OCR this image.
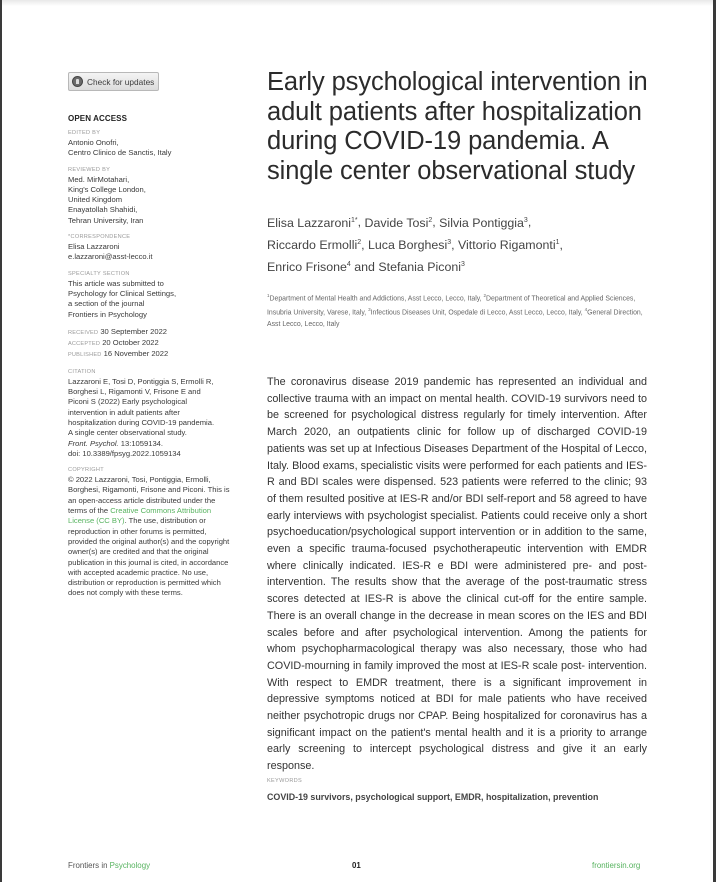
Check for updates
OPEN ACCESS
EDITED BY
Antonio Onofri,
Centro Clinico de Sanctis, Italy
REVIEWED BY
Med. MirMotahari,
King's College London,
United Kingdom
Enayatollah Shahidi,
Tehran University, Iran
*CORRESPONDENCE
Elisa Lazzaroni
e.lazzaroni@asst-lecco.it
SPECIALTY SECTION
This article was submitted to
Psychology for Clinical Settings,
a section of the journal
Frontiers in Psychology
RECEIVED 30 September 2022
ACCEPTED 20 October 2022
PUBLISHED 16 November 2022
CITATION
Lazzaroni E, Tosi D, Pontiggia S, Ermolli R,
Borghesi L, Rigamonti V, Frisone E and
Piconi S (2022) Early psychological
intervention in adult patients after
hospitalization during COVID-19 pandemia.
A single center observational study.
Front. Psychol. 13:1059134.
doi: 10.3389/fpsyg.2022.1059134
COPYRIGHT
© 2022 Lazzaroni, Tosi, Pontiggia, Ermolli, Borghesi, Rigamonti, Frisone and Piconi. This is an open-access article distributed under the terms of the Creative Commons Attribution License (CC BY). The use, distribution or reproduction in other forums is permitted, provided the original author(s) and the copyright owner(s) are credited and that the original publication in this journal is cited, in accordance with accepted academic practice. No use, distribution or reproduction is permitted which does not comply with these terms.
Early psychological intervention in adult patients after hospitalization during COVID-19 pandemia. A single center observational study
Elisa Lazzaroni$^{1*}$, Davide Tosi$^2$, Silvia Pontiggia$^3$,
Riccardo Ermolli$^2$, Luca Borghesi$^3$, Vittorio Rigamonti$^1$,
Enrico Frisone$^4$ and Stefania Piconi$^3$
$^1$Department of Mental Health and Addictions, Asst Lecco, Lecco, Italy, $^2$Department of Theoretical and Applied Sciences, Insubria University, Varese, Italy, $^3$Infectious Diseases Unit, Ospedale di Lecco, Asst Lecco, Lecco, Italy, $^4$General Direction, Asst Lecco, Lecco, Italy

The coronavirus disease 2019 pandemic has represented an individual and collective trauma with an impact on mental health. COVID-19 survivors need to be screened for psychological distress regularly for timely intervention. After March 2020, an outpatients clinic for follow up of discharged COVID-19 patients was set up at Infectious Diseases Department of the Hospital of Lecco, Italy. Blood exams, specialistic visits were performed for each patients and IES-R and BDI scales were dispensed. 523 patients were referred to the clinic; 93 of them resulted positive at IES-R and/or BDI self-report and 58 agreed to have early interviews with psychologist specialist. Patients could receive only a short psychoeducation/psychological support intervention or in addition to the same, even a specific trauma-focused psychotherapeutic intervention with EMDR where clinically indicated. IES-R e BDI were administered pre- and post-intervention. The results show that the average of the post-traumatic stress scores detected at IES-R is above the clinical cut-off for the entire sample. There is an overall change in the decrease in mean scores on the IES and BDI scales before and after psychological intervention. Among the patients for whom psychopharmacological therapy was also necessary, those who had COVID-mourning in family improved the most at IES-R scale post- intervention. With respect to EMDR treatment, there is a significant improvement in depressive symptoms noticed at BDI for male patients who have received neither psychotropic drugs nor CPAP. Being hospitalized for coronavirus has a significant impact on the patient's mental health and it is a priority to arrange early screening to intercept psychological distress and give it an early response.

KEYWORDS
COVID-19 survivors, psychological support, EMDR, hospitalization, prevention
Frontiers in Psychology	01	frontiersin.org
